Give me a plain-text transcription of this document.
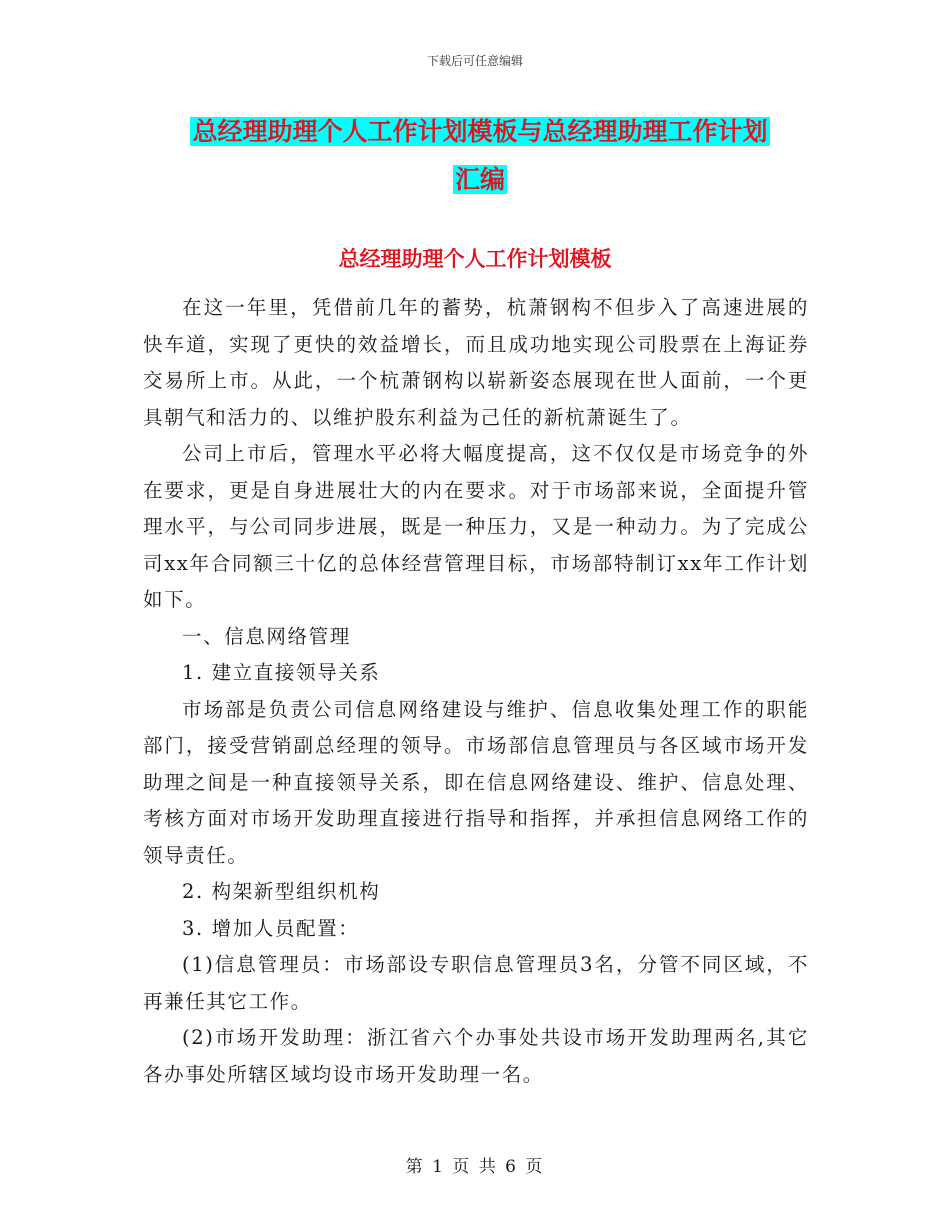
下载后可任意编辑
总经理助理个人工作计划模板与总经理助理工作计划
汇编
总经理助理个人工作计划模板

在这一年里，凭借前几年的蓄势，杭萧钢构不但步入了高速进展的快车道，实现了更快的效益增长，而且成功地实现公司股票在上海证券交易所上市。从此，一个杭萧钢构以崭新姿态展现在世人面前，一个更具朝气和活力的、以维护股东利益为己任的新杭萧诞生了。

公司上市后，管理水平必将大幅度提高，这不仅仅是市场竞争的外在要求，更是自身进展壮大的内在要求。对于市场部来说，全面提升管理水平，与公司同步进展，既是一种压力，又是一种动力。为了完成公司xx年合同额三十亿的总体经营管理目标，市场部特制订xx年工作计划如下。

一、信息网络管理

1. 建立直接领导关系

市场部是负责公司信息网络建设与维护、信息收集处理工作的职能部门，接受营销副总经理的领导。市场部信息管理员与各区域市场开发助理之间是一种直接领导关系，即在信息网络建设、维护、信息处理、考核方面对市场开发助理直接进行指导和指挥，并承担信息网络工作的领导责任。

2. 构架新型组织机构

3. 增加人员配置：

(1)信息管理员：市场部设专职信息管理员3名，分管不同区域，不再兼任其它工作。

(2)市场开发助理：浙江省六个办事处共设市场开发助理两名,其它各办事处所辖区域均设市场开发助理一名。

第 1 页 共 6 页
